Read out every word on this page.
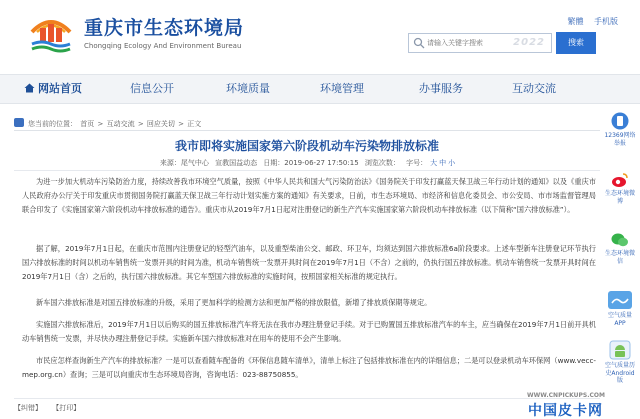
重庆市生态环境局
Chongqing Ecology And Environment Bureau
繁體 手机版
请输入关键字搜索
2022	搜索
网站首页	信息公开	环境质量	环境管理	办事服务	互动交流
您当前的位置： 首页 > 互动交流 > 回应关切 > 正文
我市即将实施国家第六阶段机动车污染物排放标准
来源：尾气中心 宣教国益动态 日期：2019-06-27 17:50:15 浏览次数： 字号： 大 中 小
为进一步加大机动车污染防治力度，持续改善我市环境空气质量，按照《中华人民共和国大气污染防治法》《国务院关于印发打赢蓝天保卫战三年行动计划的通知》以及《重庆市人民政府办公厅关于印发重庆市贯彻国务院打赢蓝天保卫战三年行动计划实施方案的通知》有关要求，日前，市生态环境局、市经济和信息化委员会、市公安局、市市场监督管理局联合印发了《实施国家第六阶段机动车排放标准的通告》。重庆市从2019年7月1日起对注册登记的新生产汽车实施国家第六阶段机动车排放标准（以下简称“国六排放标准”）。
据了解，2019年7月1日起，在重庆市范围内注册登记的轻型汽油车，以及重型柴油公交、邮政、环卫车，均须达到国六排放标准6a阶段要求。上述车型新车注册登记环节执行国六排放标准的时间以机动车销售统一发票开具的时间为准，机动车销售统一发票开具时间在2019年7月1日（不含）之前的，仍执行国五排放标准。机动车销售统一发票开具时间在2019年7月1日（含）之后的，执行国六排放标准。其它车型国六排放标准的实施时间，按照国家相关标准的规定执行。
新车国六排放标准是对国五排放标准的升级，采用了更加科学的检测方法和更加严格的排放限值，新增了排放质保期等规定。
实施国六排放标准后，2019年7月1日以后购买的国五排放标准汽车将无法在我市办理注册登记手续。对于已购置国五排放标准汽车的车主，应当确保在2019年7月1日前开具机动车销售统一发票，并尽快办理注册登记手续。实施新车国六排放标准对在用车的使用不会产生影响。
市民应怎样查询新生产汽车的排放标准？一是可以查看随车配备的《环保信息随车清单》，清单上标注了包括排放标准在内的详细信息；二是可以登录机动车环保网（www.vecc-mep.org.cn）查询；三是可以向重庆市生态环境局咨询，咨询电话：023-88750855。
【纠错】 【打印】
WWW.CNPICKUPS.COM
中国皮卡网
12369网络举报
生态环境微博
生态环境微信
空气质量APP
空气质量历史Android版
